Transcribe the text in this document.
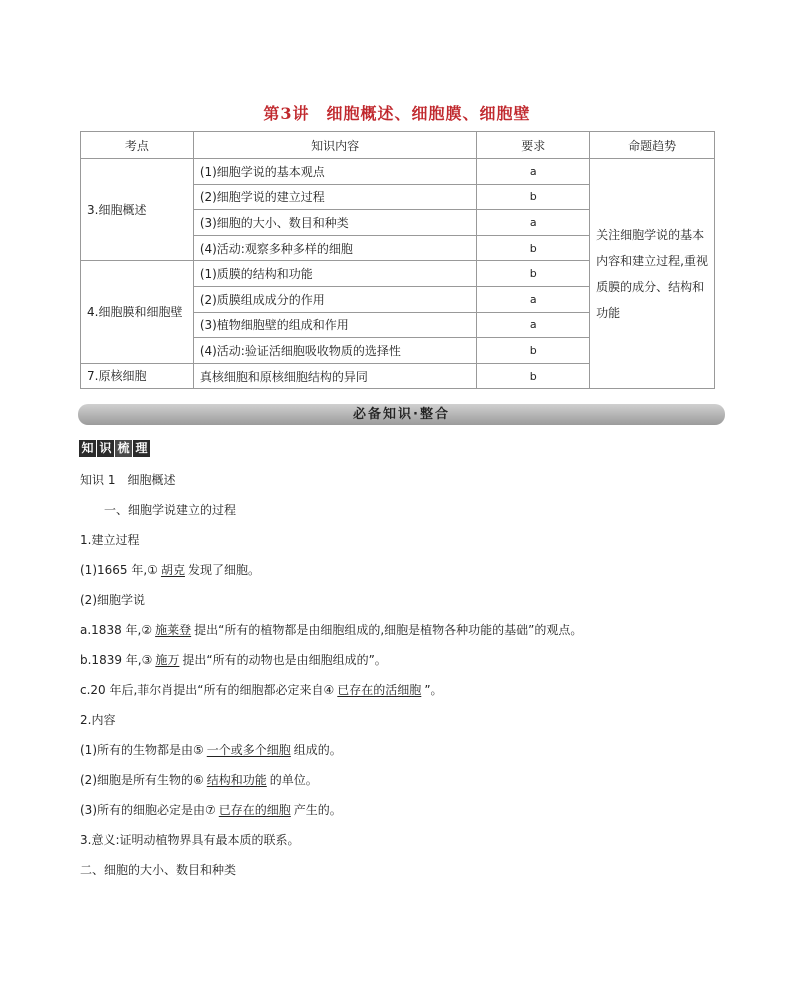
第3讲　细胞概述、细胞膜、细胞壁
考点	知识内容	要求	命题趋势
3.细胞概述	(1)细胞学说的基本观点	a	关注细胞学说的基本内容和建立过程,重视质膜的成分、结构和功能
	(2)细胞学说的建立过程	b	
	(3)细胞的大小、数目和种类	a	
	(4)活动:观察多种多样的细胞	b	
4.细胞膜和细胞壁	(1)质膜的结构和功能	b	
	(2)质膜组成成分的作用	a	
	(3)植物细胞壁的组成和作用	a	
	(4)活动:验证活细胞吸收物质的选择性	b	
7.原核细胞	真核细胞和原核细胞结构的异同	b	
必备知识·整合
知 识 梳 理
知识 1　细胞概述
一、细胞学说建立的过程
1.建立过程
(1)1665 年,① 胡克 发现了细胞。
(2)细胞学说
a.1838 年,② 施莱登 提出“所有的植物都是由细胞组成的,细胞是植物各种功能的基础”的观点。
b.1839 年,③ 施万 提出“所有的动物也是由细胞组成的”。
c.20 年后,菲尔肖提出“所有的细胞都必定来自④ 已存在的活细胞 ”。
2.内容
(1)所有的生物都是由⑤ 一个或多个细胞 组成的。
(2)细胞是所有生物的⑥ 结构和功能 的单位。
(3)所有的细胞必定是由⑦ 已存在的细胞 产生的。
3.意义:证明动植物界具有最本质的联系。
二、细胞的大小、数目和种类
